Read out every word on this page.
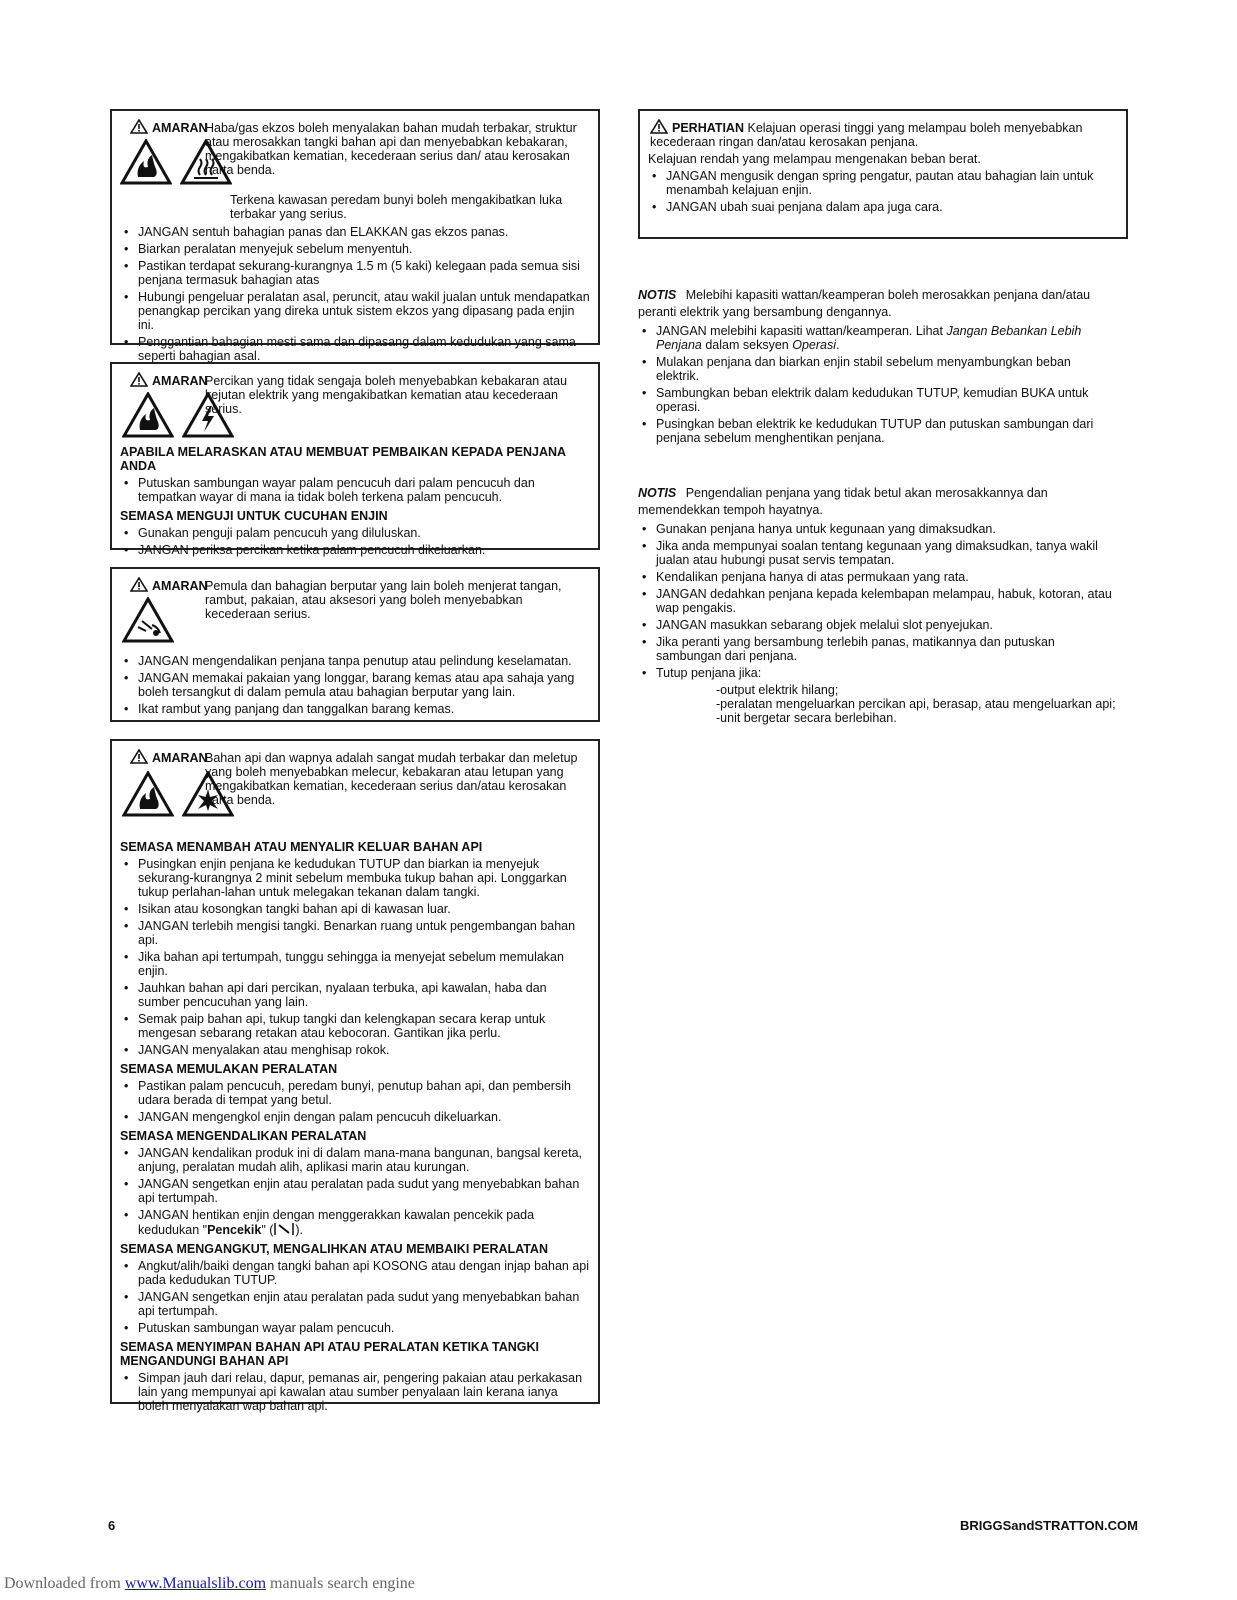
AMARAN
Haba/gas ekzos boleh menyalakan bahan mudah terbakar, struktur atau merosakkan tangki bahan api dan menyebabkan kebakaran, mengakibatkan kematian, kecederaan serius dan/ atau kerosakan harta benda.
Terkena kawasan peredam bunyi boleh mengakibatkan luka terbakar yang serius.
• JANGAN sentuh bahagian panas dan ELAKKAN gas ekzos panas.
• Biarkan peralatan menyejuk sebelum menyentuh.
• Pastikan terdapat sekurang-kurangnya 1.5 m (5 kaki) kelegaan pada semua sisi penjana termasuk bahagian atas
• Hubungi pengeluar peralatan asal, peruncit, atau wakil jualan untuk mendapatkan penangkap percikan yang direka untuk sistem ekzos yang dipasang pada enjin ini.
• Penggantian bahagian mesti sama dan dipasang dalam kedudukan yang sama seperti bahagian asal.
AMARAN
Percikan yang tidak sengaja boleh menyebabkan kebakaran atau kejutan elektrik yang mengakibatkan kematian atau kecederaan serius.
APABILA MELARASKAN ATAU MEMBUAT PEMBAIKAN KEPADA PENJANA ANDA
• Putuskan sambungan wayar palam pencucuh dari palam pencucuh dan tempatkan wayar di mana ia tidak boleh terkena palam pencucuh.
SEMASA MENGUJI UNTUK CUCUHAN ENJIN
• Gunakan penguji palam pencucuh yang diluluskan.
• JANGAN periksa percikan ketika palam pencucuh dikeluarkan.
AMARAN
Pemula dan bahagian berputar yang lain boleh menjerat tangan, rambut, pakaian, atau aksesori yang boleh menyebabkan kecederaan serius.
• JANGAN mengendalikan penjana tanpa penutup atau pelindung keselamatan.
• JANGAN memakai pakaian yang longgar, barang kemas atau apa sahaja yang boleh tersangkut di dalam pemula atau bahagian berputar yang lain.
• Ikat rambut yang panjang dan tanggalkan barang kemas.
AMARAN
Bahan api dan wapnya adalah sangat mudah terbakar dan meletup yang boleh menyebabkan melecur, kebakaran atau letupan yang mengakibatkan kematian, kecederaan serius dan/atau kerosakan harta benda.
SEMASA MENAMBAH ATAU MENYALIR KELUAR BAHAN API
• Pusingkan enjin penjana ke kedudukan TUTUP dan biarkan ia menyejuk sekurang-kurangnya 2 minit sebelum membuka tukup bahan api. Longgarkan tukup perlahan-lahan untuk melegakan tekanan dalam tangki.
• Isikan atau kosongkan tangki bahan api di kawasan luar.
• JANGAN terlebih mengisi tangki. Benarkan ruang untuk pengembangan bahan api.
• Jika bahan api tertumpah, tunggu sehingga ia menyejat sebelum memulakan enjin.
• Jauhkan bahan api dari percikan, nyalaan terbuka, api kawalan, haba dan sumber pencucuhan yang lain.
• Semak paip bahan api, tukup tangki dan kelengkapan secara kerap untuk mengesan sebarang retakan atau kebocoran. Gantikan jika perlu.
• JANGAN menyalakan atau menghisap rokok.
SEMASA MEMULAKAN PERALATAN
• Pastikan palam pencucuh, peredam bunyi, penutup bahan api, dan pembersih udara berada di tempat yang betul.
• JANGAN mengengkol enjin dengan palam pencucuh dikeluarkan.
SEMASA MENGENDALIKAN PERALATAN
• JANGAN kendalikan produk ini di dalam mana-mana bangunan, bangsal kereta, anjung, peralatan mudah alih, aplikasi marin atau kurungan.
• JANGAN sengetkan enjin atau peralatan pada sudut yang menyebabkan bahan api tertumpah.
• JANGAN hentikan enjin dengan menggerakkan kawalan pencekik pada kedudukan "Pencekik" ( ).
SEMASA MENGANGKUT, MENGALIHKAN ATAU MEMBAIKI PERALATAN
• Angkut/alih/baiki dengan tangki bahan api KOSONG atau dengan injap bahan api pada kedudukan TUTUP.
• JANGAN sengetkan enjin atau peralatan pada sudut yang menyebabkan bahan api tertumpah.
• Putuskan sambungan wayar palam pencucuh.
SEMASA MENYIMPAN BAHAN API ATAU PERALATAN KETIKA TANGKI MENGANDUNGI BAHAN API
• Simpan jauh dari relau, dapur, pemanas air, pengering pakaian atau perkakasan lain yang mempunyai api kawalan atau sumber penyalaan lain kerana ianya boleh menyalakan wap bahan api.
PERHATIAN Kelajuan operasi tinggi yang melampau boleh menyebabkan kecederaan ringan dan/atau kerosakan penjana.
Kelajuan rendah yang melampau mengenakan beban berat.
• JANGAN mengusik dengan spring pengatur, pautan atau bahagian lain untuk menambah kelajuan enjin.
• JANGAN ubah suai penjana dalam apa juga cara.
NOTIS Melebihi kapasiti wattan/keamperan boleh merosakkan penjana dan/atau peranti elektrik yang bersambung dengannya.
• JANGAN melebihi kapasiti wattan/keamperan. Lihat Jangan Bebankan Lebih Penjana dalam seksyen Operasi.
• Mulakan penjana dan biarkan enjin stabil sebelum menyambungkan beban elektrik.
• Sambungkan beban elektrik dalam kedudukan TUTUP, kemudian BUKA untuk operasi.
• Pusingkan beban elektrik ke kedudukan TUTUP dan putuskan sambungan dari penjana sebelum menghentikan penjana.
NOTIS Pengendalian penjana yang tidak betul akan merosakkannya dan memendekkan tempoh hayatnya.
• Gunakan penjana hanya untuk kegunaan yang dimaksudkan.
• Jika anda mempunyai soalan tentang kegunaan yang dimaksudkan, tanya wakil jualan atau hubungi pusat servis tempatan.
• Kendalikan penjana hanya di atas permukaan yang rata.
• JANGAN dedahkan penjana kepada kelembapan melampau, habuk, kotoran, atau wap pengakis.
• JANGAN masukkan sebarang objek melalui slot penyejukan.
• Jika peranti yang bersambung terlebih panas, matikannya dan putuskan sambungan dari penjana.
• Tutup penjana jika:
-output elektrik hilang;
-peralatan mengeluarkan percikan api, berasap, atau mengeluarkan api;
-unit bergetar secara berlebihan.
6	BRIGGSandSTRATTON.COM
Downloaded from www.Manualslib.com manuals search engine
